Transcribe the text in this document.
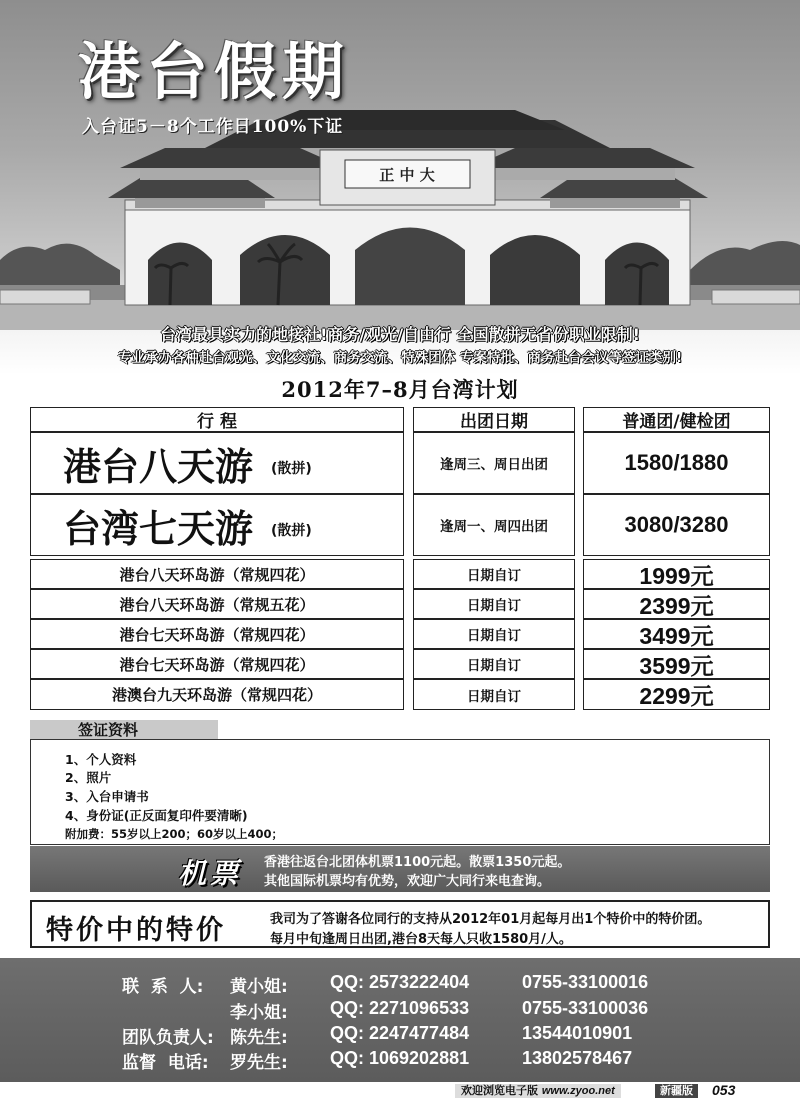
正 中 大
港台假期
入台证5－8个工作日100%下证
台湾最具实力的地接社!商务/观光/自由行 全国散拼无省份职业限制!
专业承办各种赴台观光、文化交流、商务交流、特殊团体 专案特批、商务赴台会议等签证类别!
2012年7–8月台湾计划
行 程	出团日期	普通团/健检团
港台八天游 (散拼)	逢周三、周日出团	1580/1880
台湾七天游 (散拼)	逢周一、周四出团	3080/3280
港台八天环岛游（常规四花）	日期自订	1999元
港台八天环岛游（常规五花）	日期自订	2399元
港台七天环岛游（常规四花）	日期自订	3499元
港台七天环岛游（常规四花）	日期自订	3599元
港澳台九天环岛游（常规四花）	日期自订	2299元
签证资料
1、个人资料
2、照片
3、入台申请书
4、身份证(正反面复印件要清晰)
附加费：55岁以上200；60岁以上400；
机票 香港往返台北团体机票1100元起。散票1350元起。
其他国际机票均有优势，欢迎广大同行来电查询。
特价中的特价	我司为了答谢各位同行的支持从2012年01月起每月出1个特价中的特价团。
每月中旬逢周日出团,港台8天每人只收1580月/人。
联  系  人: 黄小姐: QQ: 2573222404	0755-33100016
李小姐: QQ: 2271096533	0755-33100036
团队负责人: 陈先生: QQ: 2247477484	13544010901
监督  电话: 罗先生: QQ: 1069202881	13802578467
欢迎浏览电子版 www.zyoo.net	新疆版	053
